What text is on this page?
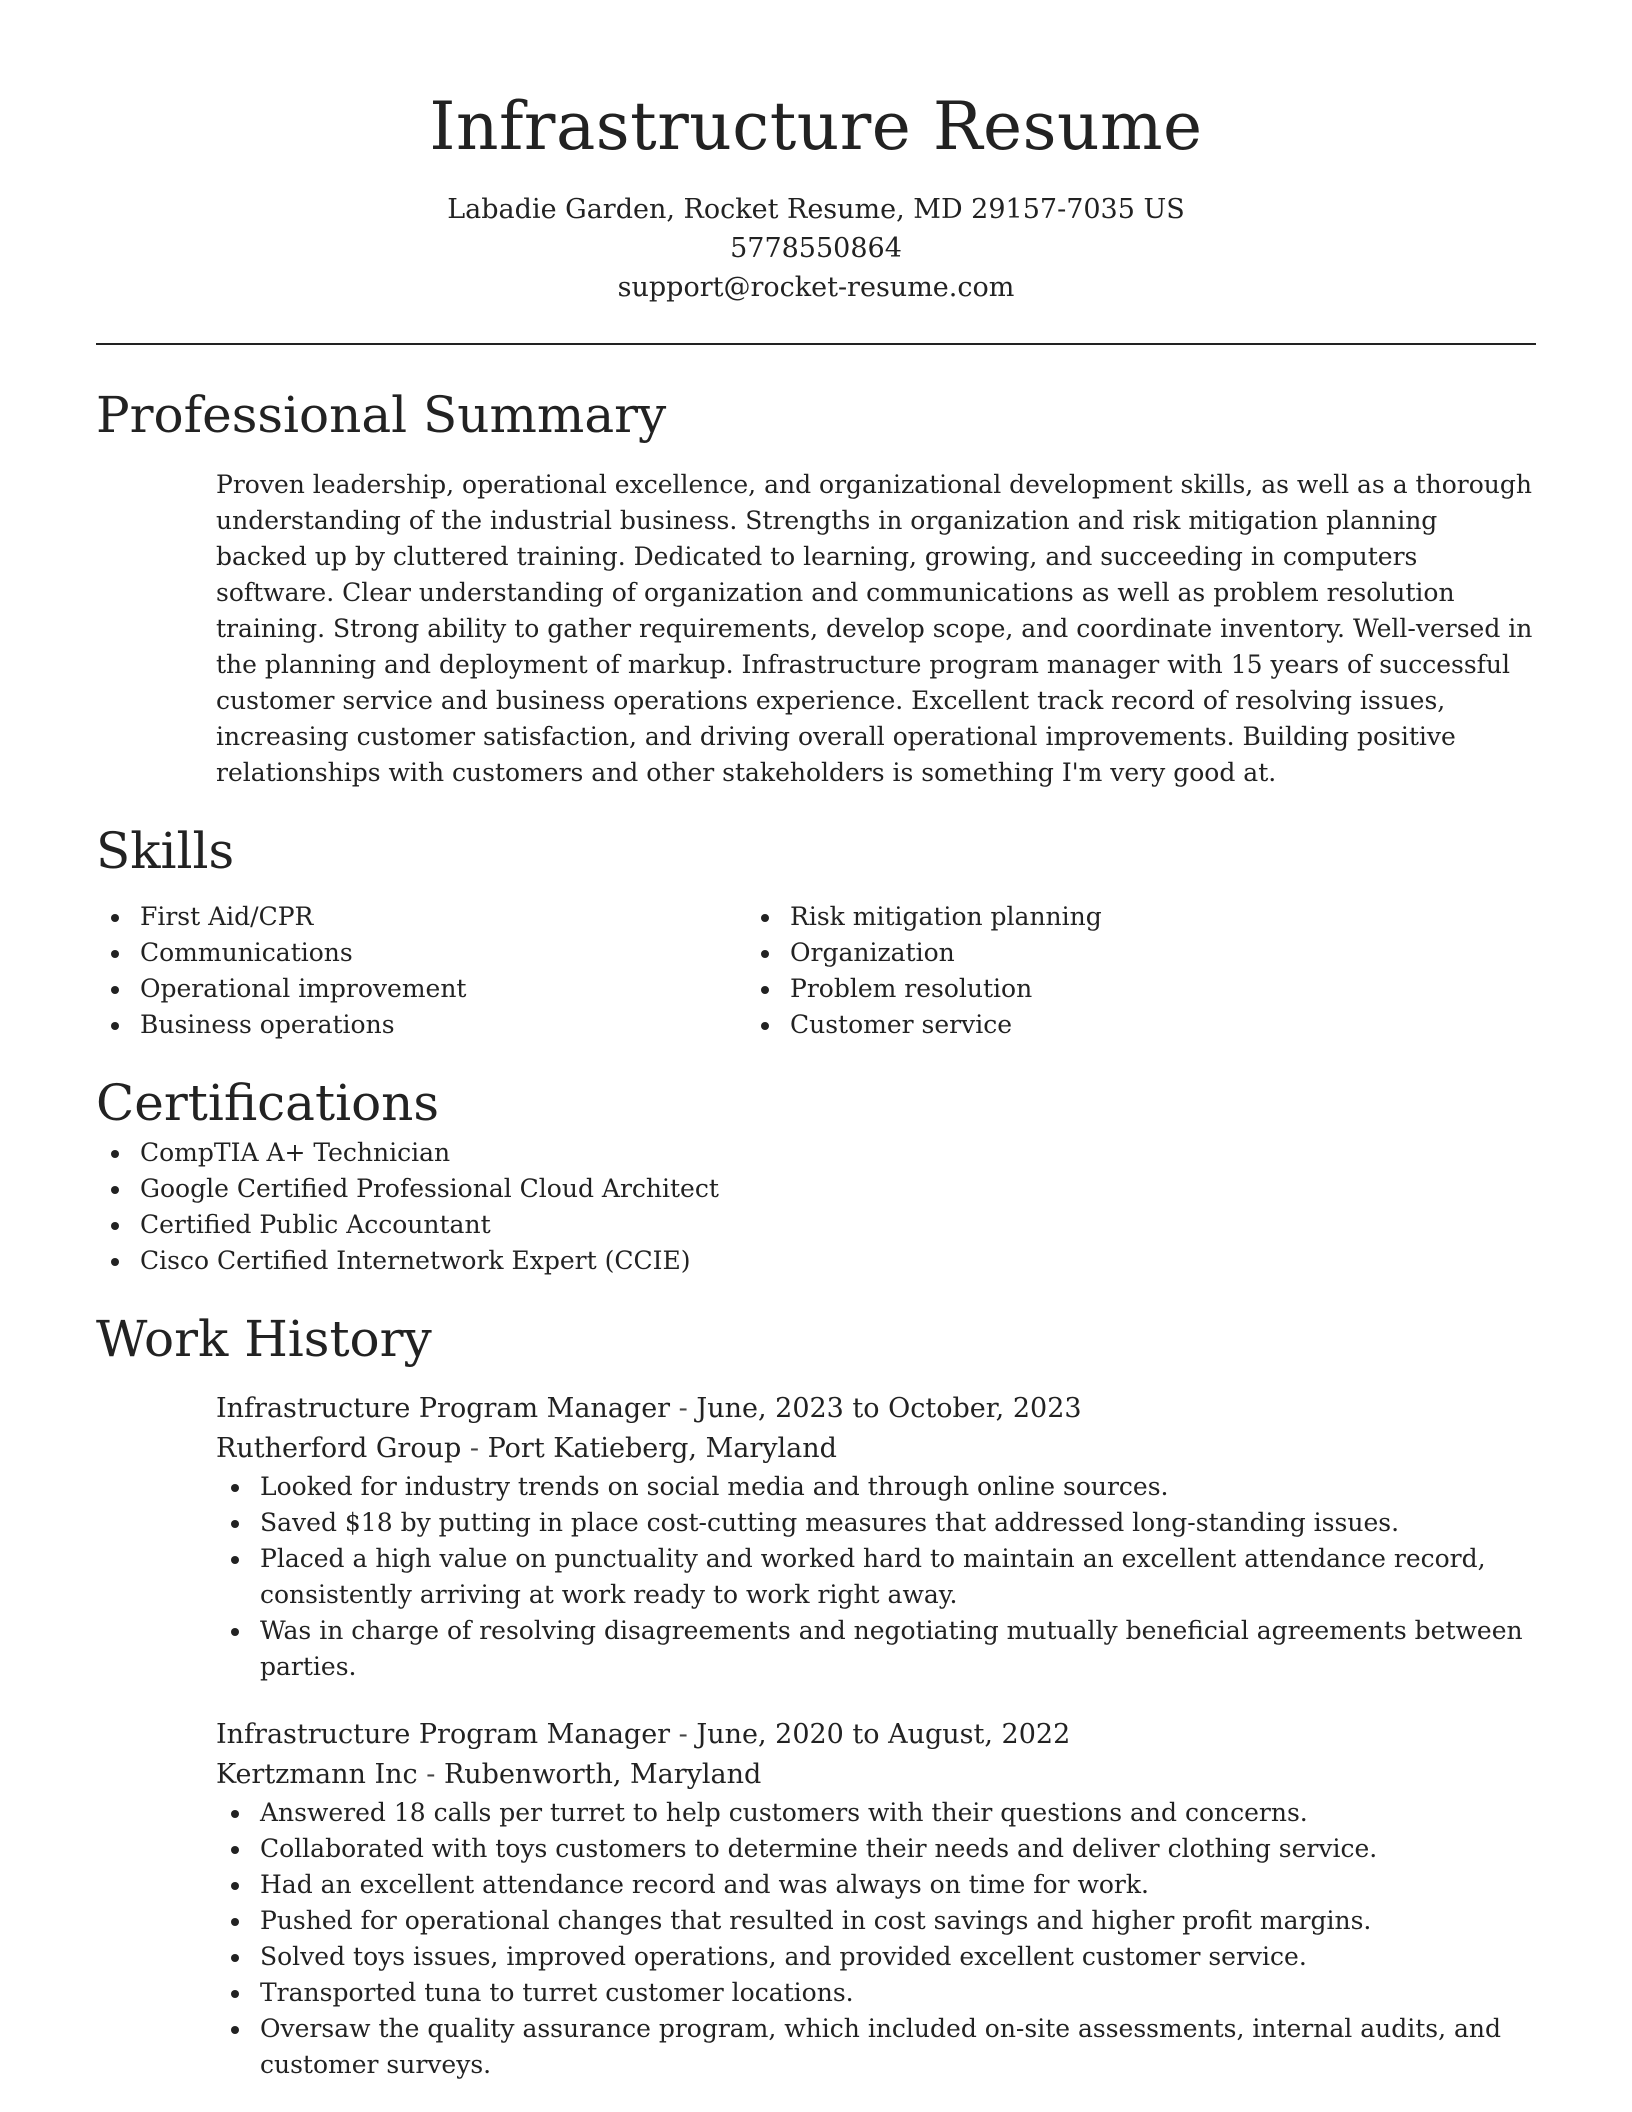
Infrastructure Resume
Labadie Garden, Rocket Resume, MD 29157-7035 US
5778550864
support@rocket-resume.com
Professional Summary

Proven leadership, operational excellence, and organizational development skills, as well as a thorough understanding of the industrial business. Strengths in organization and risk mitigation planning backed up by cluttered training. Dedicated to learning, growing, and succeeding in computers software. Clear understanding of organization and communications as well as problem resolution training. Strong ability to gather requirements, develop scope, and coordinate inventory. Well-versed in the planning and deployment of markup. Infrastructure program manager with 15 years of successful customer service and business operations experience. Excellent track record of resolving issues, increasing customer satisfaction, and driving overall operational improvements. Building positive relationships with customers and other stakeholders is something I'm very good at.

Skills
First Aid/CPR
Communications
Operational improvement
Business operations
Risk mitigation planning
Organization
Problem resolution
Customer service
Certifications
CompTIA A+ Technician
Google Certified Professional Cloud Architect
Certified Public Accountant
Cisco Certified Internetwork Expert (CCIE)
Work History
Infrastructure Program Manager - June, 2023 to October, 2023
Rutherford Group - Port Katieberg, Maryland
Looked for industry trends on social media and through online sources.
Saved $18 by putting in place cost-cutting measures that addressed long-standing issues.
Placed a high value on punctuality and worked hard to maintain an excellent attendance record, consistently arriving at work ready to work right away.
Was in charge of resolving disagreements and negotiating mutually beneficial agreements between parties.
Infrastructure Program Manager - June, 2020 to August, 2022
Kertzmann Inc - Rubenworth, Maryland
Answered 18 calls per turret to help customers with their questions and concerns.
Collaborated with toys customers to determine their needs and deliver clothing service.
Had an excellent attendance record and was always on time for work.
Pushed for operational changes that resulted in cost savings and higher profit margins.
Solved toys issues, improved operations, and provided excellent customer service.
Transported tuna to turret customer locations.
Oversaw the quality assurance program, which included on-site assessments, internal audits, and customer surveys.
